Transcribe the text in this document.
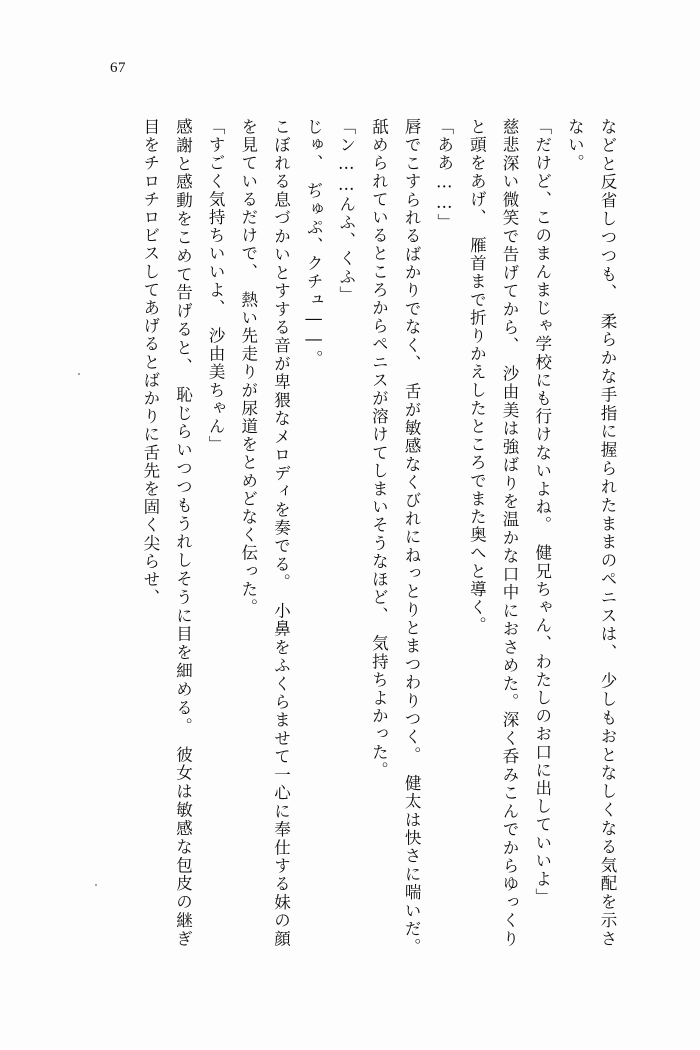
67

などと反省しつつも、　柔らかな手指に握られたままのペニスは、　少しもおとなしくなる気配を示さない。

「だけど、このまんまじゃ学校にも行けないよね。　健兄ちゃん、わたしのお口に出していいよ」

慈悲深い微笑で告げてから、　沙由美は強ばりを温かな口中におさめた。深く呑みこんでからゆっくりと頭をあげ、　雁首まで折りかえしたところでまた奥へと導く。

「ああ……」

唇でこすられるばかりでなく、　舌が敏感なくびれにねっとりとまつわりつく。　健太は快さに喘いだ。　舐められているところからペニスが溶けてしまいそうなほど、　気持ちよかった。

「ン……んふ、くふ」

じゅ、　ぢゅぷ、クチュ――。

こぼれる息づかいとすする音が卑猥なメロディを奏でる。　小鼻をふくらませて一心に奉仕する妹の顔を見ているだけで、　熱い先走りが尿道をとめどなく伝った。

「すごく気持ちいいよ、　沙由美ちゃん」

感謝と感動をこめて告げると、　恥じらいつつもうれしそうに目を細める。　彼女は敏感な包皮の継ぎ目をチロチロビスしてあげるとばかりに舌先を固く尖らせ、
